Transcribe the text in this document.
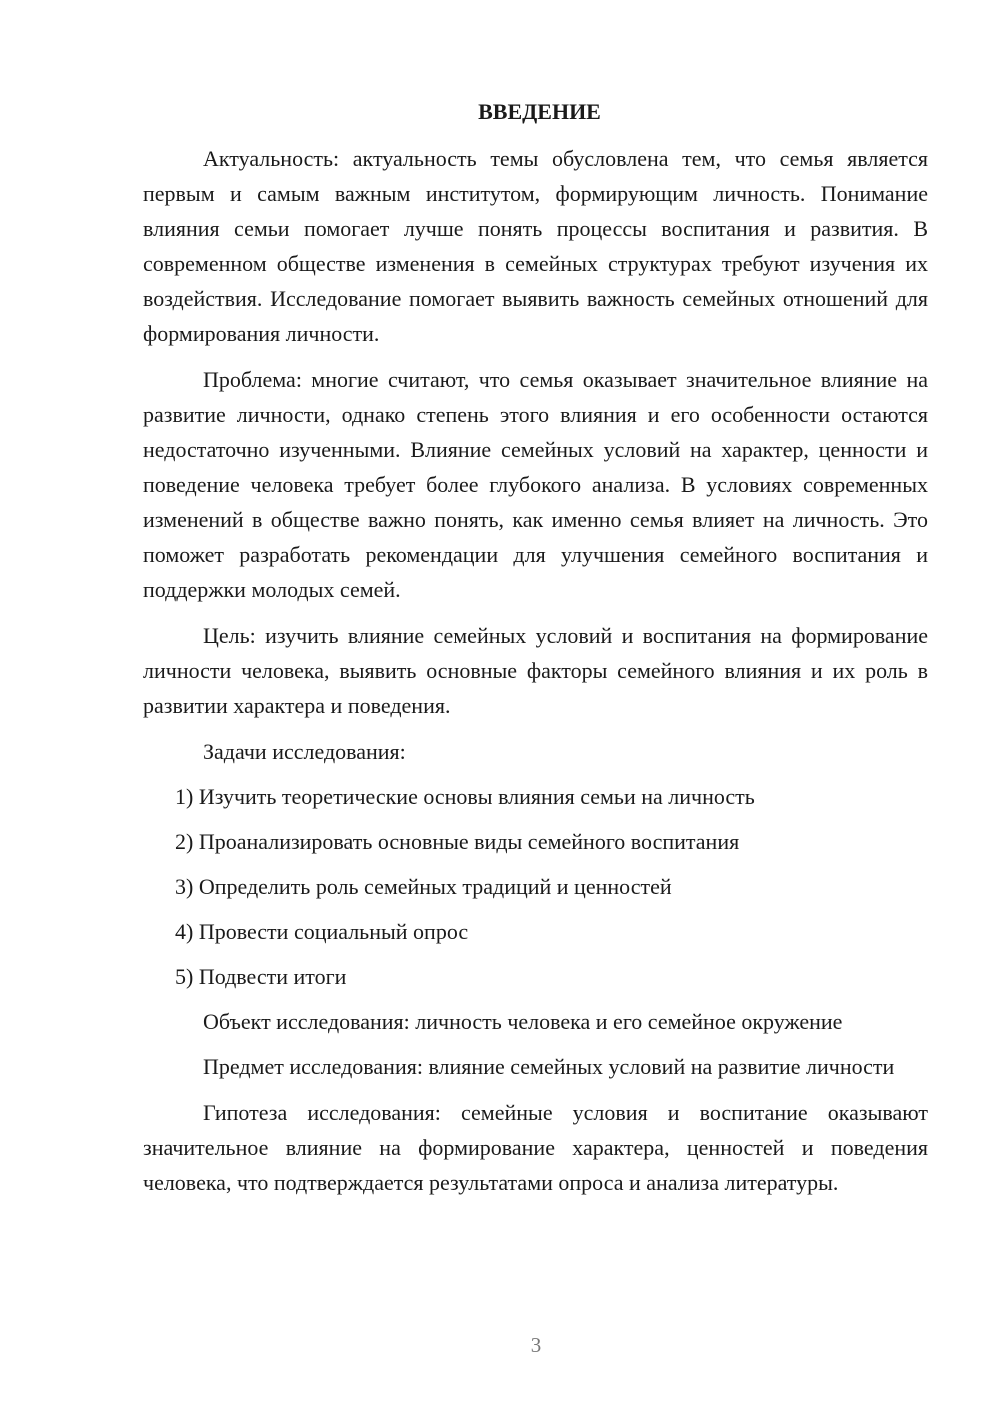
ВВЕДЕНИЕ

Актуальность: актуальность темы обусловлена тем, что семья является первым и самым важным институтом, формирующим личность. Понимание влияния семьи помогает лучше понять процессы воспитания и развития. В современном обществе изменения в семейных структурах требуют изучения их воздействия. Исследование помогает выявить важность семейных отношений для формирования личности.

Проблема: многие считают, что семья оказывает значительное влияние на развитие личности, однако степень этого влияния и его особенности остаются недостаточно изученными. Влияние семейных условий на характер, ценности и поведение человека требует более глубокого анализа. В условиях современных изменений в обществе важно понять, как именно семья влияет на личность. Это поможет разработать рекомендации для улучшения семейного воспитания и поддержки молодых семей.

Цель: изучить влияние семейных условий и воспитания на формирование личности человека, выявить основные факторы семейного влияния и их роль в развитии характера и поведения.

Задачи исследования:

1) Изучить теоретические основы влияния семьи на личность
2) Проанализировать основные виды семейного воспитания
3) Определить роль семейных традиций и ценностей
4) Провести социальный опрос
5) Подвести итоги

Объект исследования: личность человека и его семейное окружение

Предмет исследования: влияние семейных условий на развитие личности

Гипотеза исследования: семейные условия и воспитание оказывают значительное влияние на формирование характера, ценностей и поведения человека, что подтверждается результатами опроса и анализа литературы.

3
